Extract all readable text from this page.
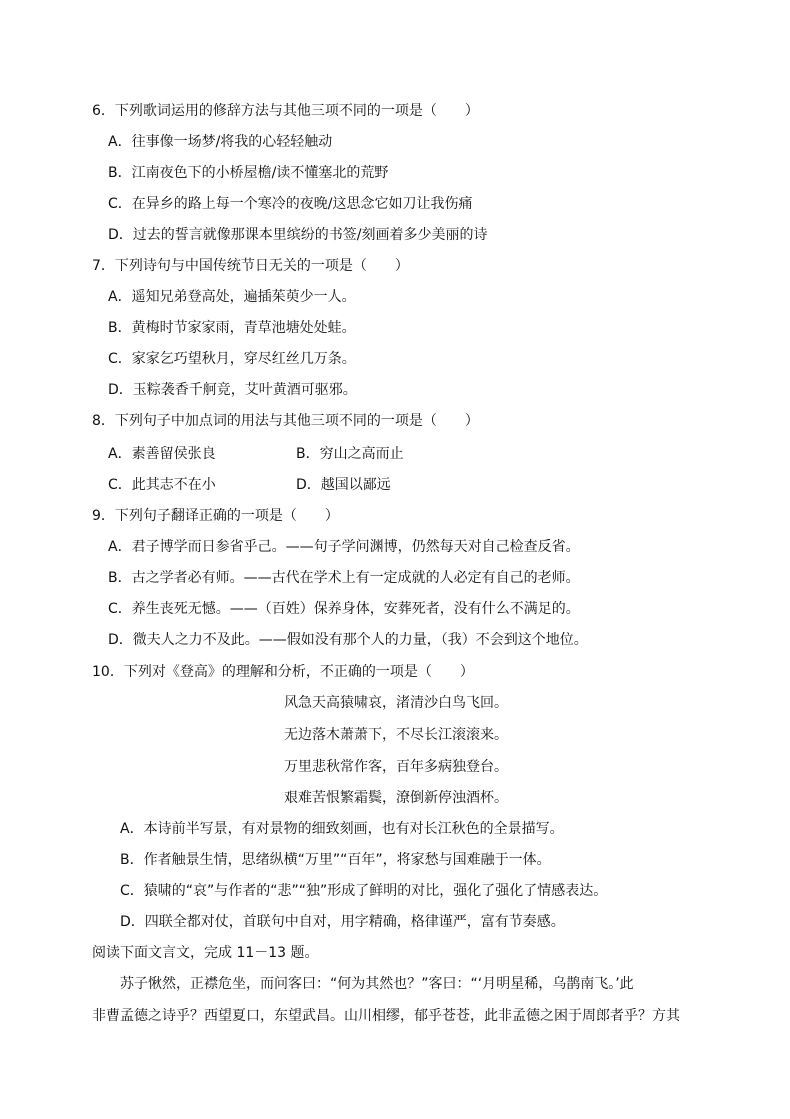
6．下列歌词运用的修辞方法与其他三项不同的一项是（　　）
A．往事像一场梦/将我的心轻轻触动
B．江南夜色下的小桥屋檐/读不懂塞北的荒野
C．在异乡的路上每一个寒冷的夜晚/这思念它如刀让我伤痛
D．过去的誓言就像那课本里缤纷的书签/刻画着多少美丽的诗
7．下列诗句与中国传统节日无关的一项是（　　）
A．遥知兄弟登高处，遍插茱萸少一人。
B．黄梅时节家家雨，青草池塘处处蛙。
C．家家乞巧望秋月，穿尽红丝几万条。
D．玉粽袭香千舸竞，艾叶黄酒可驱邪。
8．下列句子中加点词的用法与其他三项不同的一项是（　　）
A．素善留侯张良	B．穷山之高而止
C．此其志不在小	D．越国以鄙远
9．下列句子翻译正确的一项是（　　）
A．君子博学而日参省乎己。——句子学问渊博，仍然每天对自己检查反省。
B．古之学者必有师。——古代在学术上有一定成就的人必定有自己的老师。
C．养生丧死无憾。——（百姓）保养身体，安葬死者，没有什么不满足的。
D．微夫人之力不及此。——假如没有那个人的力量，（我）不会到这个地位。
10．下列对《登高》的理解和分析，不正确的一项是（　　）
风急天高猿啸哀，渚清沙白鸟飞回。
无边落木萧萧下，不尽长江滚滚来。
万里悲秋常作客，百年多病独登台。
艰难苦恨繁霜鬓，潦倒新停浊酒杯。
A．本诗前半写景，有对景物的细致刻画，也有对长江秋色的全景描写。
B．作者触景生情，思绪纵横“万里”“百年”，将家愁与国难融于一体。
C．猿啸的“哀”与作者的“悲”“独”形成了鲜明的对比，强化了强化了情感表达。
D．四联全都对仗，首联句中自对，用字精确，格律谨严，富有节奏感。
阅读下面文言文，完成 11－13 题。
苏子愀然，正襟危坐，而问客曰：“何为其然也？”客曰：“‘月明星稀，乌鹊南飞。’此
非曹孟德之诗乎？西望夏口，东望武昌。山川相缪，郁乎苍苍，此非孟德之困于周郎者乎？方其
